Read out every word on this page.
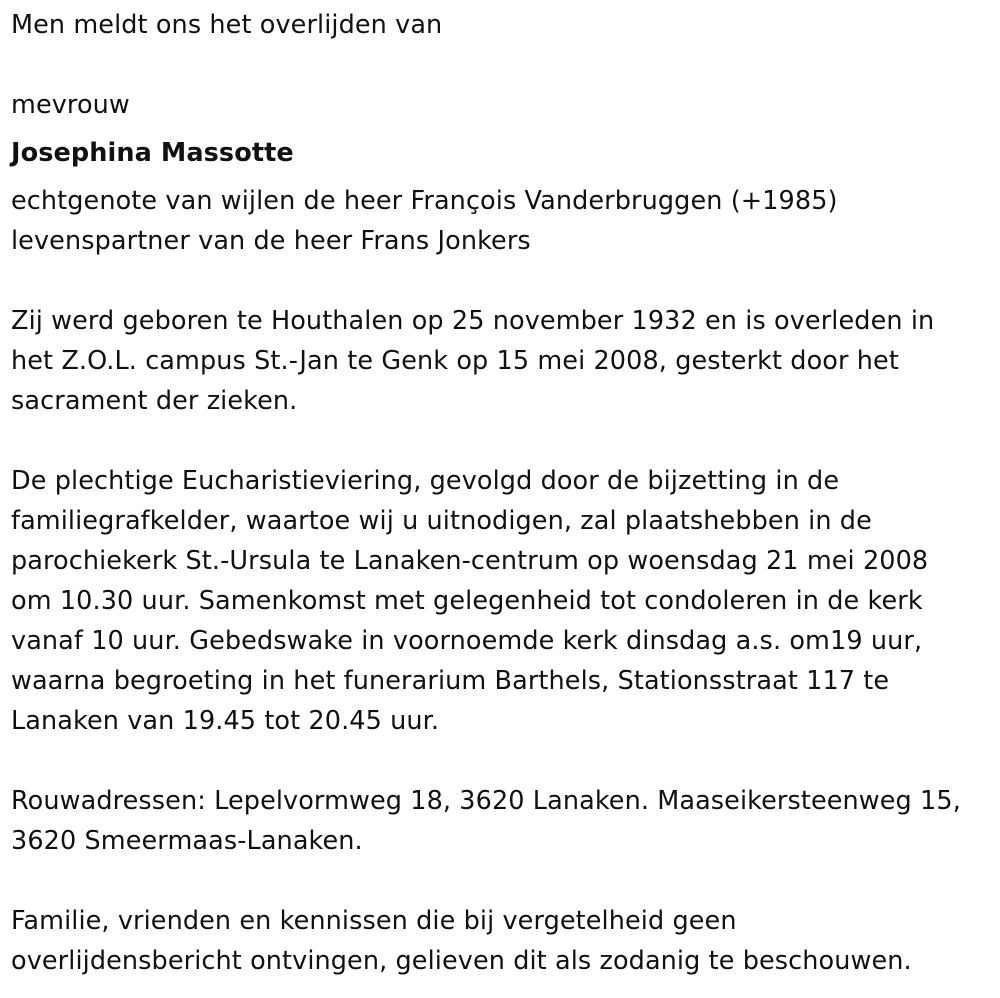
Men meldt ons het overlijden van

mevrouw

Josephina Massotte

echtgenote van wijlen de heer François Vanderbruggen (+1985)

levenspartner van de heer Frans Jonkers

Zij werd geboren te Houthalen op 25 november 1932 en is overleden in

het Z.O.L. campus St.-Jan te Genk op 15 mei 2008, gesterkt door het

sacrament der zieken.

De plechtige Eucharistieviering, gevolgd door de bijzetting in de

familiegrafkelder, waartoe wij u uitnodigen, zal plaatshebben in de

parochiekerk St.-Ursula te Lanaken-centrum op woensdag 21 mei 2008

om 10.30 uur. Samenkomst met gelegenheid tot condoleren in de kerk

vanaf 10 uur. Gebedswake in voornoemde kerk dinsdag a.s. om19 uur,

waarna begroeting in het funerarium Barthels, Stationsstraat 117 te

Lanaken van 19.45 tot 20.45 uur.

Rouwadressen: Lepelvormweg 18, 3620 Lanaken. Maaseikersteenweg 15,

3620 Smeermaas-Lanaken.

Familie, vrienden en kennissen die bij vergetelheid geen

overlijdensbericht ontvingen, gelieven dit als zodanig te beschouwen.
